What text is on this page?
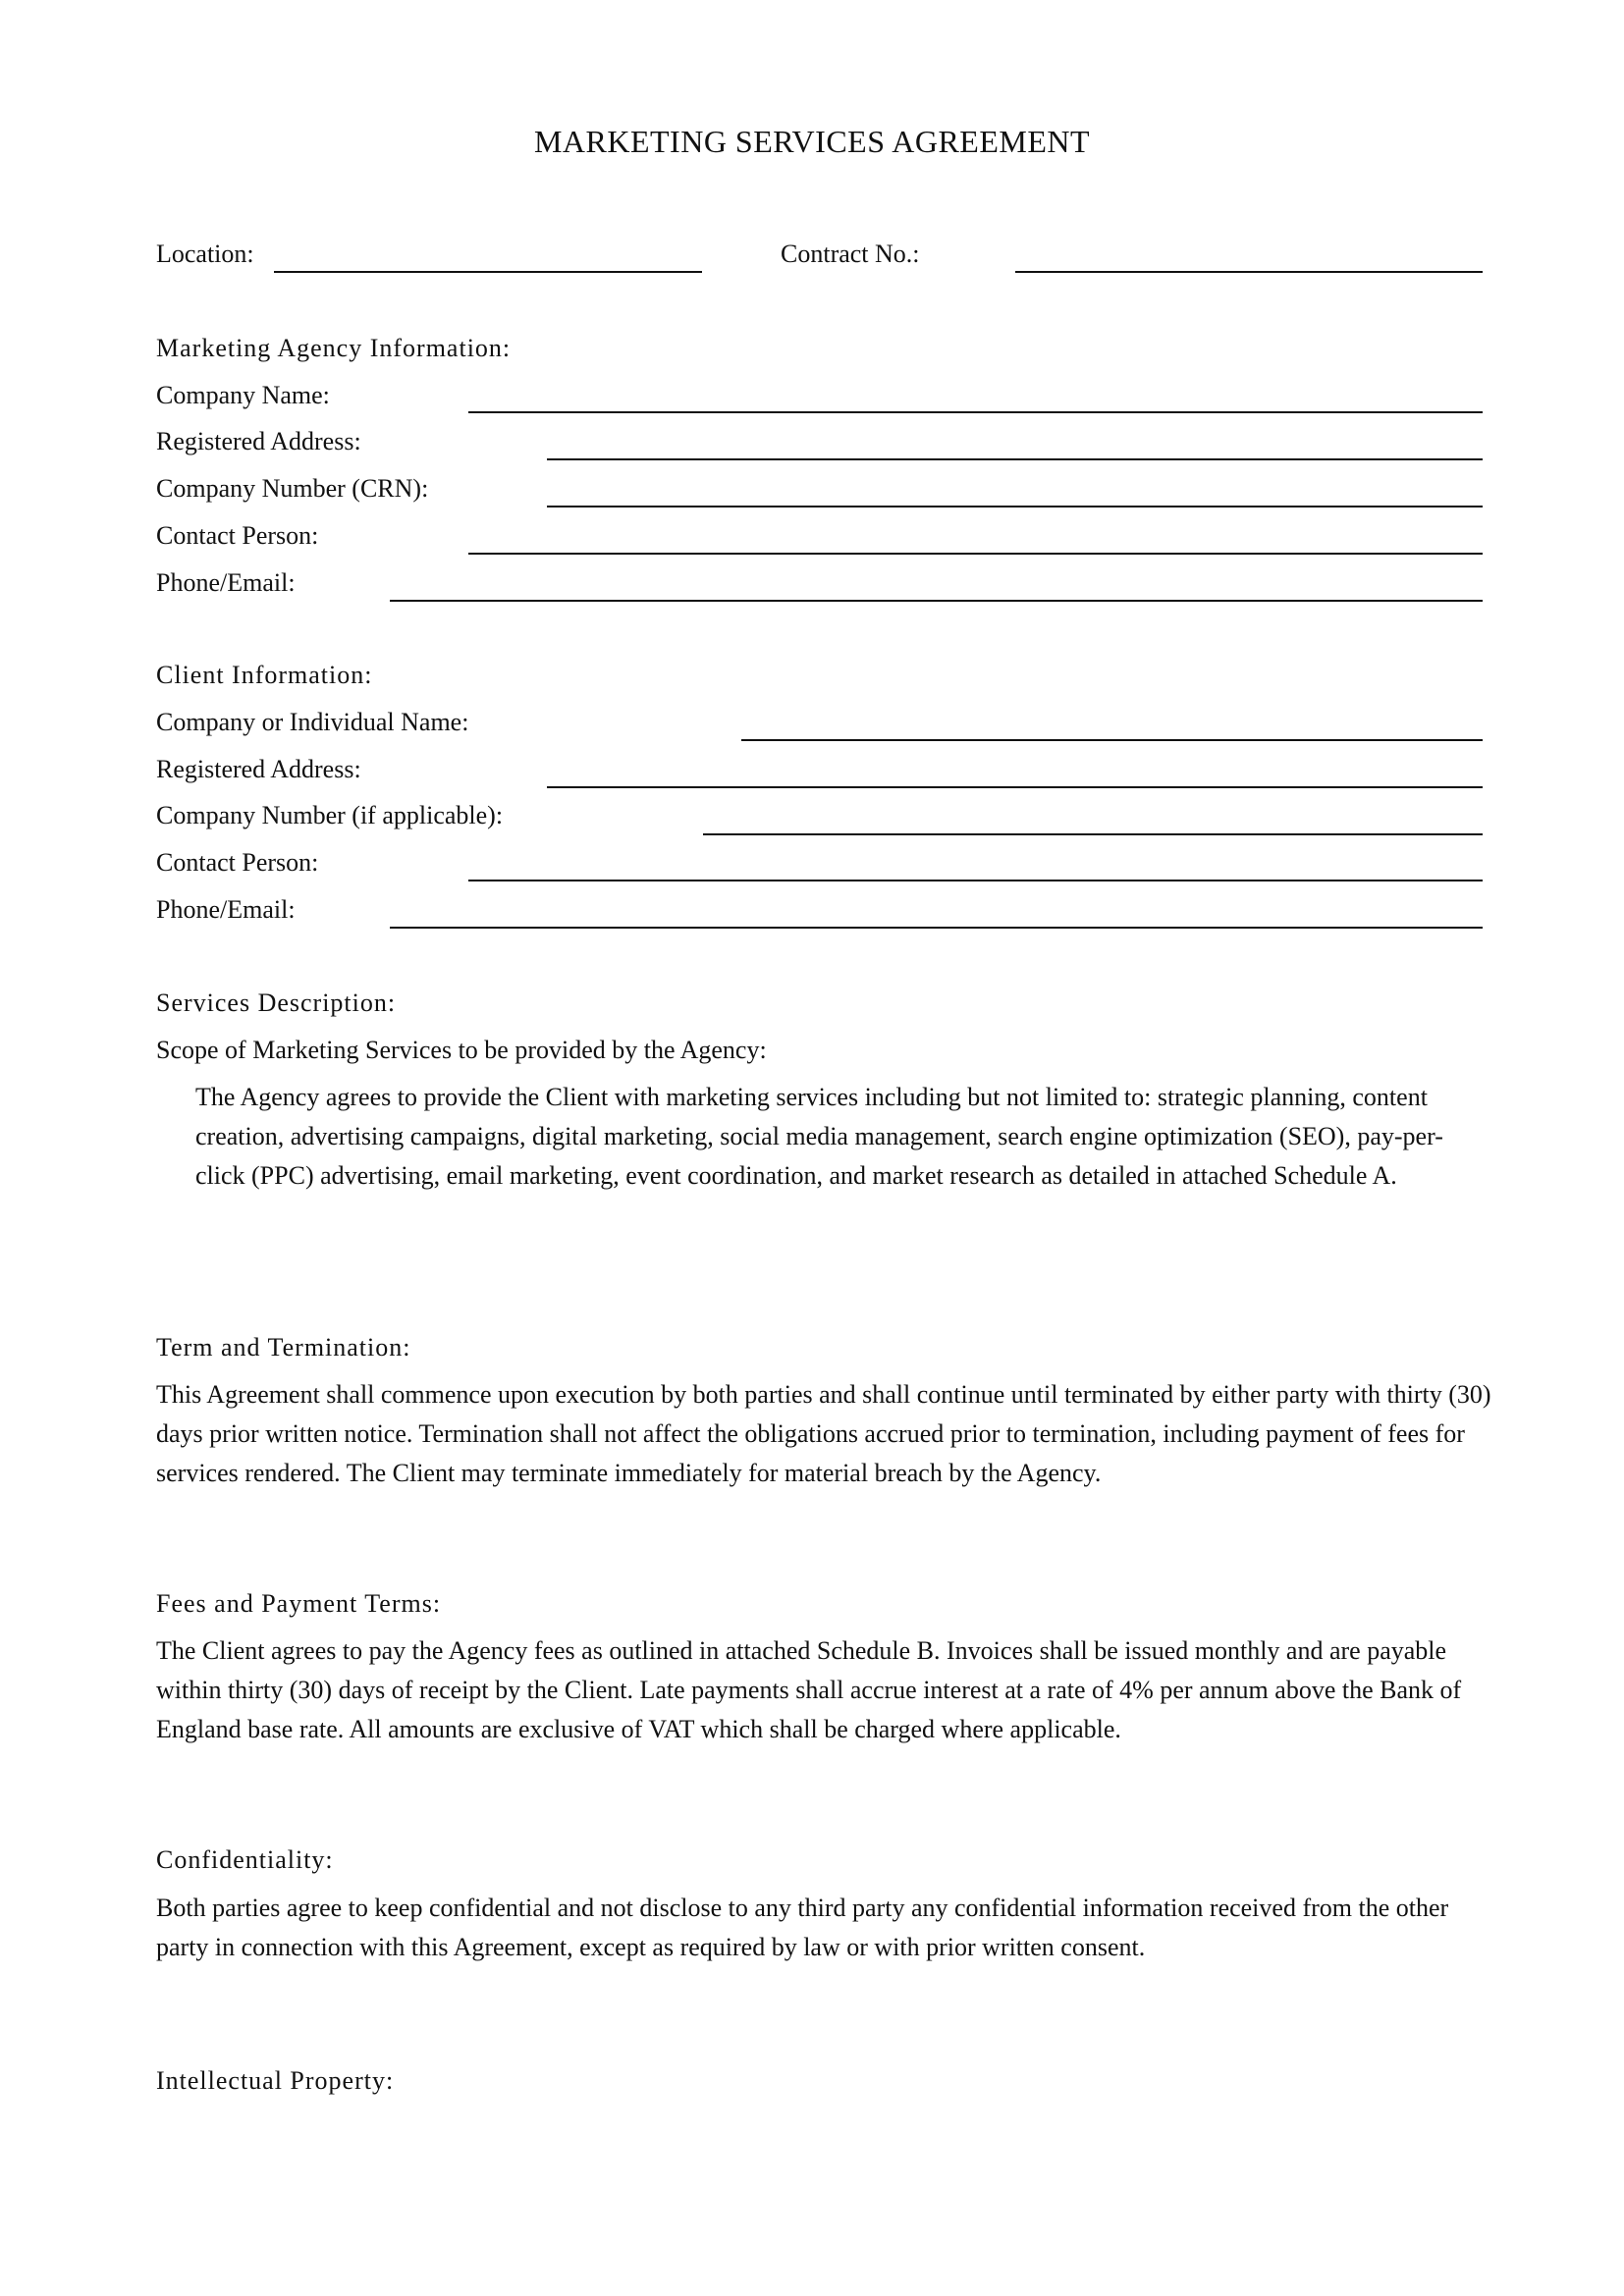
MARKETING SERVICES AGREEMENT
Location:	Contract No.:
Marketing Agency Information:
Company Name:
Registered Address:
Company Number (CRN):
Contact Person:
Phone/Email:
Client Information:
Company or Individual Name:
Registered Address:
Company Number (if applicable):
Contact Person:
Phone/Email:
Services Description:
Scope of Marketing Services to be provided by the Agency:
The Agency agrees to provide the Client with marketing services including but not limited to: strategic planning, content creation, advertising campaigns, digital marketing, social media management, search engine optimization (SEO), pay-per-click (PPC) advertising, email marketing, event coordination, and market research as detailed in attached Schedule A.
Term and Termination:
This Agreement shall commence upon execution by both parties and shall continue until terminated by either party with thirty (30) days prior written notice. Termination shall not affect the obligations accrued prior to termination, including payment of fees for services rendered. The Client may terminate immediately for material breach by the Agency.
Fees and Payment Terms:
The Client agrees to pay the Agency fees as outlined in attached Schedule B. Invoices shall be issued monthly and are payable within thirty (30) days of receipt by the Client. Late payments shall accrue interest at a rate of 4% per annum above the Bank of England base rate. All amounts are exclusive of VAT which shall be charged where applicable.
Confidentiality:
Both parties agree to keep confidential and not disclose to any third party any confidential information received from the other party in connection with this Agreement, except as required by law or with prior written consent.
Intellectual Property:
